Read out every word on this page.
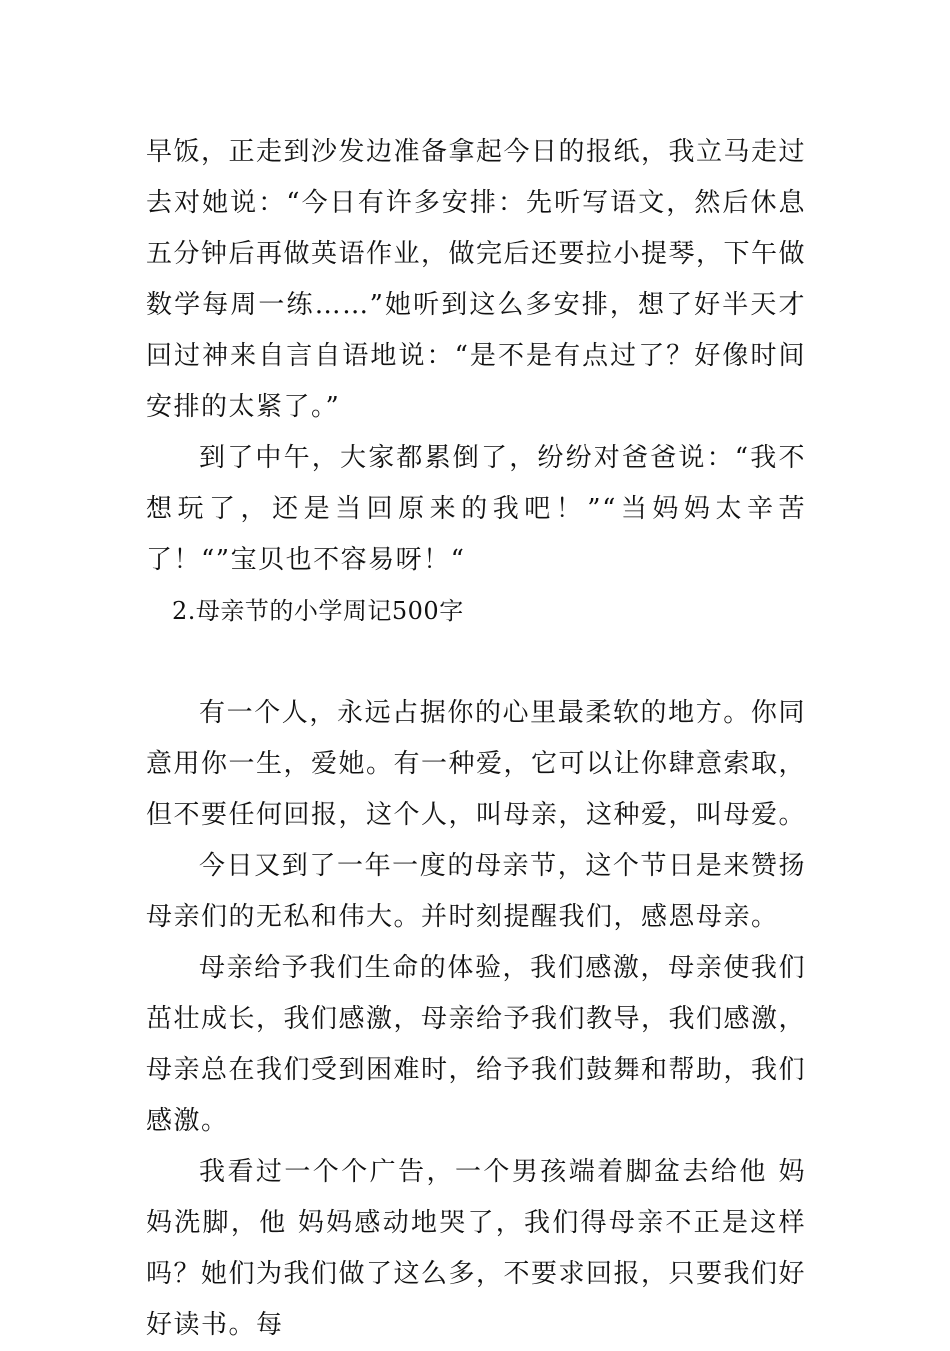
早饭，正走到沙发边准备拿起今日的报纸，我立马走过去对她说：“今日有许多安排：先听写语文，然后休息五分钟后再做英语作业，做完后还要拉小提琴，下午做数学每周一练……”她听到这么多安排，想了好半天才回过神来自言自语地说：“是不是有点过了？好像时间安排的太紧了。”

到了中午，大家都累倒了，纷纷对爸爸说：“我不想玩了，还是当回原来的我吧！”“当妈妈太辛苦了！“”宝贝也不容易呀！“

2.母亲节的小学周记500字

有一个人，永远占据你的心里最柔软的地方。你同意用你一生，爱她。有一种爱，它可以让你肆意索取，但不要任何回报，这个人，叫母亲，这种爱，叫母爱。

今日又到了一年一度的母亲节，这个节日是来赞扬母亲们的无私和伟大。并时刻提醒我们，感恩母亲。

母亲给予我们生命的体验，我们感激，母亲使我们茁壮成长，我们感激，母亲给予我们教导，我们感激，母亲总在我们受到困难时，给予我们鼓舞和帮助，我们感激。

我看过一个个广告，一个男孩端着脚盆去给他 妈妈洗脚，他 妈妈感动地哭了，我们得母亲不正是这样吗？她们为我们做了这么多，不要求回报，只要我们好好读书。每
